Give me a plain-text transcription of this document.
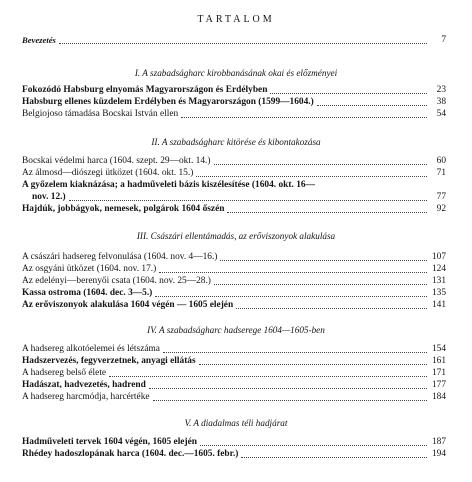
TARTALOM
Bevezetés	7
I. A szabadságharc kirobbanásának okai és előzményei
Fokozódó Habsburg elnyomás Magyarországon és Erdélyben	23
Habsburg ellenes küzdelem Erdélyben és Magyarországon (1599—1604.)	38
Belgiojoso támadása Bocskai István ellen	54
II. A szabadságharc kitörése és kibontakozása
Bocskai védelmi harca (1604. szept. 29—okt. 14.)	60
Az álmosd—diószegi ütközet (1604. okt. 15.)	71
A győzelem kiaknázása; a hadműveleti bázis kiszélesítése (1604. okt. 16—
nov. 12.)	77
Hajdúk, jobbágyok, nemesek, polgárok 1604 őszén	92
III. Császári ellentámadás, az erőviszonyok alakulása
A császári hadsereg felvonulása (1604. nov. 4—16.)	107
Az osgyáni ütközet (1604. nov. 17.)	124
Az edelényi—berenyői csata (1604. nov. 25—28.)	131
Kassa ostroma (1604. dec. 3—5.)	135
Az erőviszonyok alakulása 1604 végén — 1605 elején	141
IV. A szabadságharc hadserege 1604—1605-ben
A hadsereg alkotóelemei és létszáma	154
Hadszervezés, fegyverzetnek, anyagi ellátás	161
A hadsereg belső élete	171
Hadászat, hadvezetés, hadrend	177
A hadsereg harcmódja, harcértéke	184
V. A diadalmas téli hadjárat
Hadműveleti tervek 1604 végén, 1605 elején	187
Rhédey hadoszlopának harca (1604. dec.—1605. febr.)	194
